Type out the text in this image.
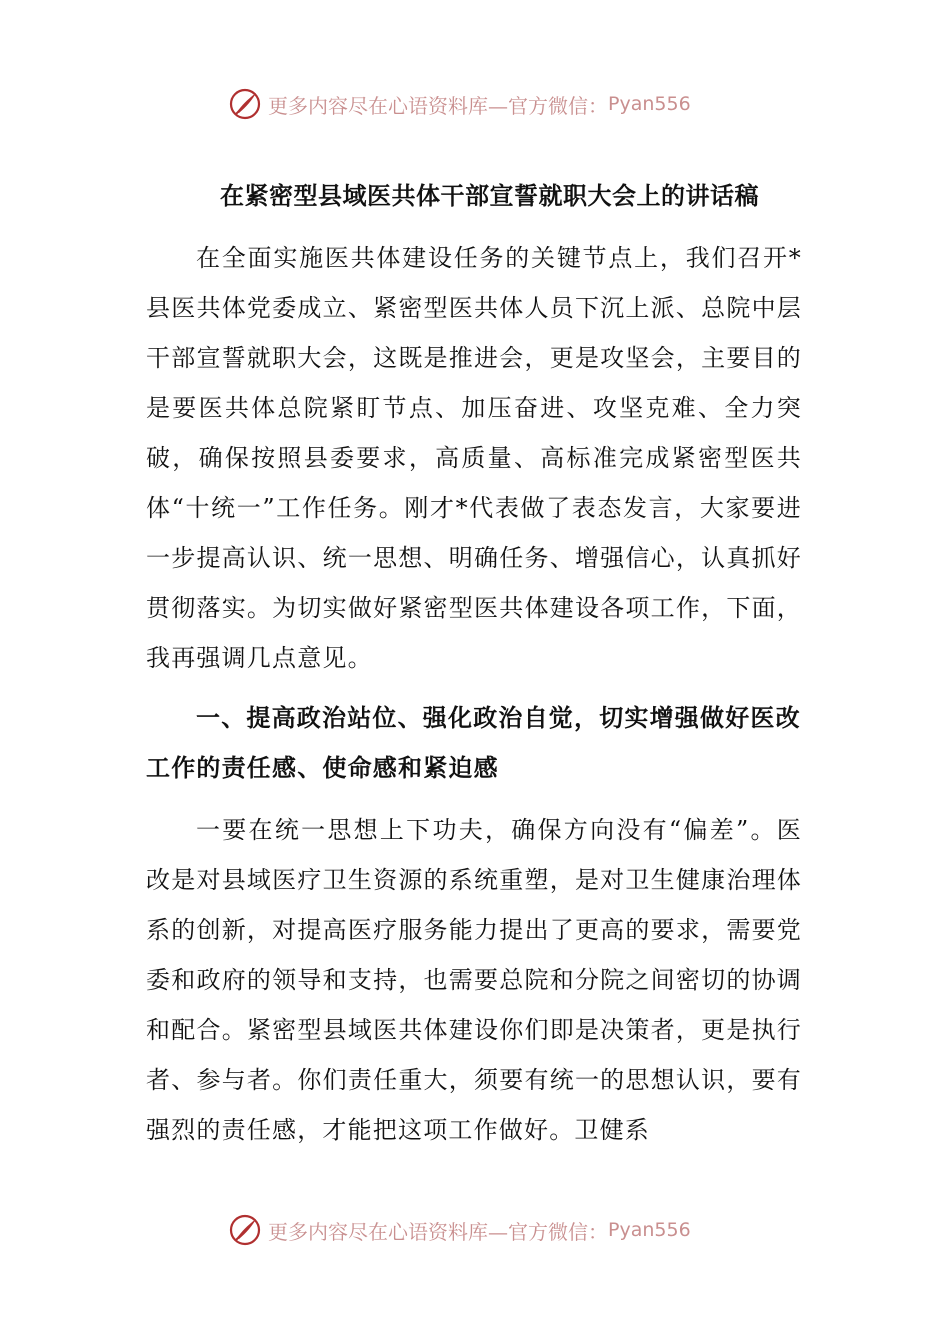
更多内容尽在心语资料库—官方微信： Pyan556
在紧密型县域医共体干部宣誓就职大会上的讲话稿

在全面实施医共体建设任务的关键节点上，我们召开*县医共体党委成立、紧密型医共体人员下沉上派、总院中层干部宣誓就职大会，这既是推进会，更是攻坚会，主要目的是要医共体总院紧盯节点、加压奋进、攻坚克难、全力突破，确保按照县委要求，高质量、高标准完成紧密型医共体“十统一”工作任务。刚才*代表做了表态发言，大家要进一步提高认识、统一思想、明确任务、增强信心，认真抓好贯彻落实。为切实做好紧密型医共体建设各项工作，下面，我再强调几点意见。

一、提高政治站位、强化政治自觉，切实增强做好医改工作的责任感、使命感和紧迫感

一要在统一思想上下功夫，确保方向没有“偏差”。医改是对县域医疗卫生资源的系统重塑，是对卫生健康治理体系的创新，对提高医疗服务能力提出了更高的要求，需要党委和政府的领导和支持，也需要总院和分院之间密切的协调和配合。紧密型县域医共体建设你们即是决策者，更是执行者、参与者。你们责任重大，须要有统一的思想认识，要有强烈的责任感，才能把这项工作做好。卫健系

更多内容尽在心语资料库—官方微信： Pyan556
